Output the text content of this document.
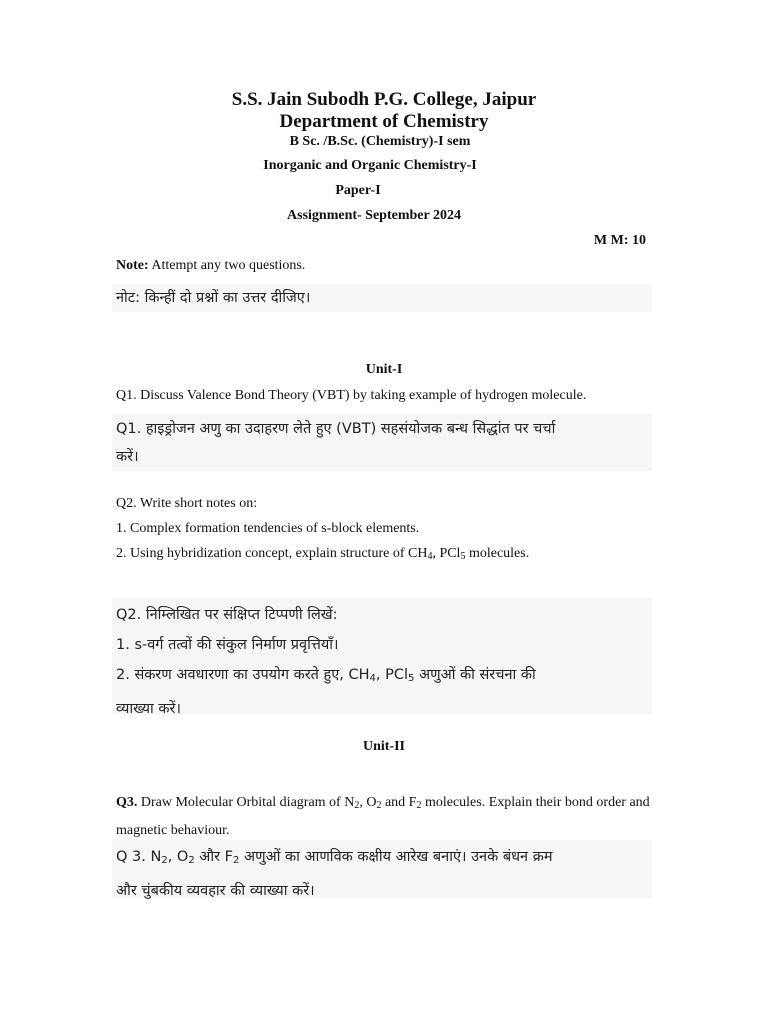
S.S. Jain Subodh P.G. College, Jaipur
Department of Chemistry
B Sc. /B.Sc. (Chemistry)-I sem
Inorganic and Organic Chemistry-I
Paper-I
Assignment- September 2024
M M: 10
Note: Attempt any two questions.
नोट: किन्हीं दो प्रश्नों का उत्तर दीजिए।
Unit-I
Q1. Discuss Valence Bond Theory (VBT) by taking example of hydrogen molecule.
Q1. हाइड्रोजन अणु का उदाहरण लेते हुए (VBT) सहसंयोजक बन्ध सिद्धांत पर चर्चा
करें।
Q2. Write short notes on:
1. Complex formation tendencies of s-block elements.
2. Using hybridization concept, explain structure of $CH_4$, PCl$_5$ molecules.
Q2. निम्लिखित पर संक्षिप्त टिप्पणी लिखें:
1. s-वर्ग तत्वों की संकुल निर्माण प्रवृत्तियाँ।
2. संकरण अवधारणा का उपयोग करते हुए, $CH_4$, PCl$_5$ अणुओं की संरचना की
व्याख्या करें।
Unit-II
Q3. Draw Molecular Orbital diagram of $N_2$, $O_2$ and $F_2$ molecules. Explain their bond order and magnetic behaviour.
Q 3. $N_2$, $O_2$ और $F_2$ अणुओं का आणविक कक्षीय आरेख बनाएं। उनके बंधन क्रम
और चुंबकीय व्यवहार की व्याख्या करें।
